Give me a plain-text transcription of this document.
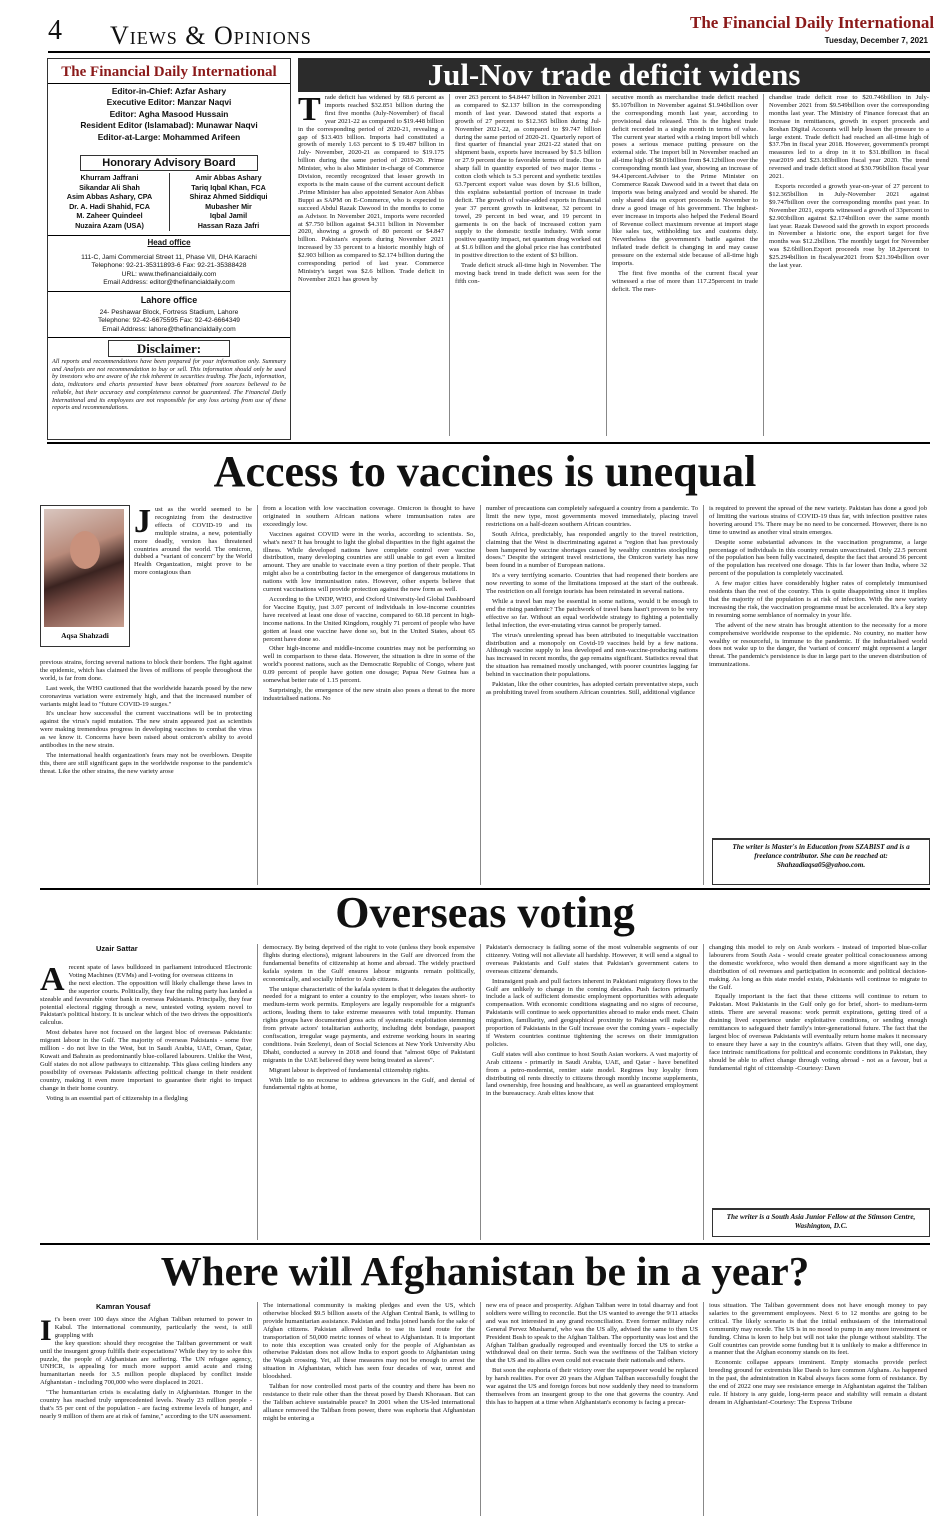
4 Views & Opinions	The Financial Daily International
Tuesday, December 7, 2021
The Financial Daily International
Editor-in-Chief: Azfar Ashary
Executive Editor: Manzar Naqvi
Editor: Agha Masood Hussain
Resident Editor (Islamabad): Munawar Naqvi
Editor-at-Large: Mohammed Arifeen
Honorary Advisory Board
Khurram Jaffrani
Sikandar Ali Shah
Asim Abbas Ashary, CPA
Dr. A. Hadi Shahid, FCA
M. Zaheer Quindeel
Nuzaira Azam (USA)
Amir Abbas Ashary
Tariq Iqbal Khan, FCA
Shiraz Ahmed Siddiqui
Mubasher Mir
Iqbal Jamil
Hassan Raza Jafri
Head office
111-C, Jami Commercial Street 11, Phase VII, DHA Karachi
Telephone: 92-21-35311893-6 Fax: 92-21-35388428
URL: www.thefinancialdaily.com
Email Address: editor@thefinancialdaily.com
Lahore office
24- Peshawar Block, Fortress Stadium, Lahore
Telephone: 92-42-6675595 Fax: 92-42-6664349
Email Address: lahore@thefinancialdaily.com
Disclaimer:
All reports and recommendations have been prepared for your information only. Summary and Analysis are not recommendation to buy or sell. This information should only be used by investors who are aware of the risk inherent in securities trading. The facts, information, data, indicators and charts presented have been obtained from sources believed to be reliable, but their accuracy and completeness cannot be guaranteed. The Financial Daily International and its employees are not responsible for any loss arising from use of these reports and recommendations.
Jul-Nov trade deficit widens
Trade deficit has widened by 68.6 percent as imports reached $32.851 billion during the first five months (July-November) of fiscal year 2021-22 as compared to $19.448 billion in the corresponding period of 2020-21, revealing a gap of $13.403 billion. Imports had constituted a growth of merely 1.63 percent to $ 19.487 billion in July- November, 2020-21 as compared to $19.175 billion during the same period of 2019-20. Prime Minister, who is also Minister in-charge of Commerce Division, recently recognized that lesser growth in exports is the main cause of the current account deficit .Prime Minister has also appointed Senator Aon Abbas Buppi as SAPM on E-Commerce, who is expected to succeed Abdul Razak Dawood in the months to come as Advisor. In November 2021, imports were recorded at $7.750 billion against $4.311 billion in November 2020, showing a growth of 80 percent or $4.847 billion. Pakistan's exports during November 2021 increased by 33 percent to a historic monthly high of $2.903 billion as compared to $2.174 billion during the corresponding period of last year. Commerce Ministry's target was $2.6 billion. Trade deficit in November 2021 has grown by

over 263 percent to $4.8447 billion in November 2021 as compared to $2.137 billion in the corresponding month of last year. Dawood stated that exports a growth of 27 percent to $12.365 billion during Jul-November 2021-22, as compared to $9.747 billion during the same period of 2020-21. Quarterly report of first quarter of financial year 2021-22 stated that on shipment basis, exports have increased by $1.5 billion or 27.9 percent due to favorable terms of trade. Due to sharp fall in quantity exported of two major items - cotton cloth which is 5.3 percent and synthetic textiles 63.7percent export value was down by $1.6 billion, this explains substantial portion of increase in trade deficit. The growth of value-added exports in financial year 37 percent growth in knitwear, 32 percent in towel, 29 percent in bed wear, and 19 percent in garments is on the back of increased cotton yarn supply to the domestic textile industry. With some positive quantity impact, net quantum drag worked out at $1.6 billion and the global price rise has contributed in positive direction to the extent of $3 billion.

Trade deficit struck all-time high in November. The moving back trend in trade deficit was seen for the fifth con-

secutive month as merchandise trade deficit reached $5.107billion in November against $1.946billion over the corresponding month last year, according to provisional data released. This is the highest trade deficit recorded in a single month in terms of value. The current year started with a rising import bill which poses a serious menace putting pressure on the external side. The import bill in November reached an all-time high of $8.01billion from $4.12billion over the corresponding month last year, showing an increase of 94.41percent.Adviser to the Prime Minister on Commerce Razak Dawood said in a tweet that data on imports was being analyzed and would be shared. He only shared data on export proceeds in November to draw a good image of his government. The highest-ever increase in imports also helped the Federal Board of Revenue collect maximum revenue at import stage like sales tax, withholding tax and customs duty. Nevertheless the government's battle against the inflated trade deficit is changing in and may cause pressure on the external side because of all-time high imports.

The first five months of the current fiscal year witnessed a rise of more than 117.25percent in trade deficit. The mer-

chandise trade deficit rose to $20.746billion in July-November 2021 from $9.549billion over the corresponding months last year. The Ministry of Finance forecast that an increase in remittances, growth in export proceeds and Roshan Digital Accounts will help lessen the pressure to a large extent. Trade deficit had reached an all-time high of $37.7bn in fiscal year 2018. However, government's prompt measures led to a drop in it to $31.8billion in fiscal year2019 and $23.183billion fiscal year 2020. The trend reversed and trade deficit stood at $30.796billion fiscal year 2021.

Exports recorded a growth year-on-year of 27 percent to $12.365billion in July-November 2021 against $9.747billion over the corresponding months past year. In November 2021, exports witnessed a growth of 33percent to $2.903billion against $2.174billion over the same month last year. Razak Dawood said the growth in export proceeds in November a historic one, the export target for five months was $12.2billion. The monthly target for November was $2.6billion.Export proceeds rose by 18.2percent to $25.294billion in fiscalyear2021 from $21.394billion over the last year.

Access to vaccines is unequal
Aqsa Shahzadi
Just as the world seemed to be recognizing from the destructive effects of COVID-19 and its multiple strains, a new, potentially more deadly, version has threatened countries around the world. The omicron, dubbed a "variant of concern" by the World Health Organization, might prove to be more contagious than

previous strains, forcing several nations to block their borders. The fight against the epidemic, which has claimed the lives of millions of people throughout the world, is far from done.

Last week, the WHO cautioned that the worldwide hazards posed by the new coronavirus variation were extremely high, and that the increased number of variants might lead to "future COVID-19 surges."

It's unclear how successful the current vaccinations will be in protecting against the virus's rapid mutation. The new strain appeared just as scientists were making tremendous progress in developing vaccines to combat the virus as we know it. Concerns have been raised about omicron's ability to avoid antibodies in the new strain.

The international health organization's fears may not be overblown. Despite this, there are still significant gaps in the worldwide response to the pandemic's threat. Like the other strains, the new variety arose

from a location with low vaccination coverage. Omicron is thought to have originated in southern African nations where immunisation rates are exceedingly low.

Vaccines against COVID were in the works, according to scientists. So, what's next? It has brought to light the global disparities in the fight against the illness. While developed nations have complete control over vaccine distribution, many developing countries are still unable to get even a limited amount. They are unable to vaccinate even a tiny portion of their people. That might also be a contributing factor in the emergence of dangerous mutations in nations with low immunisation rates. However, other experts believe that current vaccinations will provide protection against the new form as well.

According to the UNDP, WHO, and Oxford University-led Global Dashboard for Vaccine Equity, just 3.07 percent of individuals in low-income countries have received at least one dose of vaccine, compared to 60.18 percent in high-income nations. In the United Kingdom, roughly 71 percent of people who have gotten at least one vaccine have done so, but in the United States, about 65 percent have done so.

Other high-income and middle-income countries may not be performing so well in comparison to these data. However, the situation is dire in some of the world's poorest nations, such as the Democratic Republic of Congo, where just 0.09 percent of people have gotten one dosage; Papua New Guinea has a somewhat better rate of 1.15 percent.

Surprisingly, the emergence of the new strain also poses a threat to the more industrialised nations. No

number of precautions can completely safeguard a country from a pandemic. To limit the new type, most governments moved immediately, placing travel restrictions on a half-dozen southern African countries.

South Africa, predictably, has responded angrily to the travel restriction, claiming that the West is discriminating against a "region that has previously been hampered by vaccine shortages caused by wealthy countries stockpiling doses." Despite the stringent travel restrictions, the Omicron variety has now been found in a number of European nations.

It's a very terrifying scenario. Countries that had reopened their borders are now reverting to some of the limitations imposed at the start of the outbreak. The restriction on all foreign tourists has been reinstated in several nations.

While a travel ban may be essential in some nations, would it be enough to end the rising pandemic? The patchwork of travel bans hasn't proven to be very effective so far. Without an equal worldwide strategy to fighting a potentially lethal infection, the ever-mutating virus cannot be properly tamed.

The virus's unrelenting spread has been attributed to inequitable vaccination distribution and a monopoly on Covid-19 vaccines held by a few nations. Although vaccine supply to less developed and non-vaccine-producing nations has increased in recent months, the gap remains significant. Statistics reveal that the situation has remained mostly unchanged, with poorer countries lagging far behind in vaccination their populations.

Pakistan, like the other countries, has adopted certain preventative steps, such as prohibiting travel from southern African countries. Still, additional vigilance

is required to prevent the spread of the new variety. Pakistan has done a good job of limiting the various strains of COVID-19 thus far, with infection positive rates hovering around 1%. There may be no need to be concerned. However, there is no time to unwind as another viral strain emerges.

Despite some substantial advances in the vaccination programme, a large percentage of individuals in this country remain unvaccinated. Only 22.5 percent of the population has been fully vaccinated, despite the fact that around 36 percent of the population has received one dosage. This is far lower than India, where 32 percent of the population is completely vaccinated.

A few major cities have considerably higher rates of completely immunised residents than the rest of the country. This is quite disappointing since it implies that the majority of the population is at risk of infection. With the new variety increasing the risk, the vaccination programme must be accelerated. It's a key step in resuming some semblance of normalcy in your life.

The advent of the new strain has brought attention to the necessity for a more comprehensive worldwide response to the epidemic. No country, no matter how wealthy or resourceful, is immune to the pandemic. If the industrialised world does not wake up to the danger, the 'variant of concern' might represent a larger threat. The pandemic's persistence is due in large part to the uneven distribution of immunizations.

The writer is Master's in Education from SZABIST and is a freelance contributor. She can be reached at: Shahzadiaqsa05@yahoo.com.
Overseas voting
Uzair Sattar

Arecent spate of laws bulldozed in parliament introduced Electronic Voting Machines (EVMs) and I-voting for overseas citizens in

the next election. The opposition will likely challenge these laws in the superior courts. Politically, they fear the ruling party has landed a sizeable and favourable voter bank in overseas Pakistanis. Principally, they fear potential electoral rigging through a new, untested voting system novel to Pakistan's political history. It is unclear which of the two drives the opposition's calculus.

Most debates have not focused on the largest bloc of overseas Pakistanis: migrant labour in the Gulf. The majority of overseas Pakistanis - some five million - do not live in the West, but in Saudi Arabia, UAE, Oman, Qatar, Kuwait and Bahrain as predominantly blue-collared labourers. Unlike the West, Gulf states do not allow pathways to citizenship. This glass ceiling hinders any possibility of overseas Pakistanis affecting political change in their resident country, making it even more important to guarantee their right to impact change in their home country.

Voting is an essential part of citizenship in a fledgling

democracy. By being deprived of the right to vote (unless they book expensive flights during elections), migrant labourers in the Gulf are divorced from the fundamental benefits of citizenship at home and abroad. The widely practised kafala system in the Gulf ensures labour migrants remain politically, economically, and socially inferior to Arab citizens.

The unique characteristic of the kafala system is that it delegates the authority needed for a migrant to enter a country to the employer, who issues short- to medium-term work permits. Employers are legally responsible for a migrant's actions, leading them to take extreme measures with total impunity. Human rights groups have documented gross acts of systematic exploitation stemming from private actors' totalitarian authority, including debt bondage, passport confiscation, irregular wage payments, and extreme working hours in searing conditions. Iván Szelenyi, dean of Social Sciences at New York University Abu Dhabi, conducted a survey in 2018 and found that "almost 60pc of Pakistani migrants in the UAE believed they were being treated as slaves".

Migrant labour is deprived of fundamental citizenship rights.

With little to no recourse to address grievances in the Gulf, and denial of fundamental rights at home,

Pakistan's democracy is failing some of the most vulnerable segments of our citizenry. Voting will not alleviate all hardship. However, it will send a signal to overseas Pakistanis and Gulf states that Pakistan's government caters to overseas citizens' demands.

Intransigent push and pull factors inherent in Pakistani migratory flows to the Gulf are unlikely to change in the coming decades. Push factors primarily include a lack of sufficient domestic employment opportunities with adequate compensation. With economic conditions stagnating and no signs of recourse, Pakistanis will continue to seek opportunities abroad to make ends meet. Chain migration, familiarity, and geographical proximity to Pakistan will make the proportion of Pakistanis in the Gulf increase over the coming years - especially if Western countries continue tightening the screws on their immigration policies.

Gulf states will also continue to host South Asian workers. A vast majority of Arab citizens - primarily in Saudi Arabia, UAE, and Qatar - have benefited from a petro-modernist, rentier state model. Regimes buy loyalty from distributing oil rents directly to citizens through monthly income supplements, land ownership, free housing and healthcare, as well as guaranteed employment in the bureaucracy. Arab elites know that

changing this model to rely on Arab workers - instead of imported blue-collar labourers from South Asia - would create greater political consciousness among the domestic workforce, who would then demand a more significant say in the distribution of oil revenues and participation in economic and political decision-making. As long as this state model exists, Pakistanis will continue to migrate to the Gulf.

Equally important is the fact that these citizens will continue to return to Pakistan. Most Pakistanis in the Gulf only go for brief, short- to medium-term stints. There are several reasons: work permit expirations, getting tired of a draining lived experience under exploitative conditions, or sending enough remittances to safeguard their family's inter-generational future. The fact that the largest bloc of overseas Pakistanis will eventually return home makes it necessary to ensure they have a say in the country's affairs. Given that they will, one day, face intrinsic ramifications for political and economic conditions in Pakistan, they should be able to affect change through voting abroad - not as a favour, but a fundamental right of citizenship -Courtesy: Dawn

The writer is a South Asia Junior Fellow at the Stimson Centre, Washington, D.C.
Where will Afghanistan be in a year?
Kamran Yousaf

It's been over 100 days since the Afghan Taliban returned to power in Kabul. The international community, particularly the west, is still grappling with

the key question: should they recognise the Taliban government or wait until the insurgent group fulfills their expectations? While they try to solve this puzzle, the people of Afghanistan are suffering. The UN refugee agency, UNHCR, is appealing for much more support amid acute and rising humanitarian needs for 3.5 million people displaced by conflict inside Afghanistan - including 700,000 who were displaced in 2021.

"The humanitarian crisis is escalating daily in Afghanistan. Hunger in the country has reached truly unprecedented levels. Nearly 23 million people - that's 55 per cent of the population - are facing extreme levels of hunger, and nearly 9 million of them are at risk of famine," according to the UN assessment.

The international community is making pledges and even the US, which otherwise blocked $9.5 billion assets of the Afghan Central Bank, is willing to provide humanitarian assistance. Pakistan and India joined hands for the sake of Afghan citizens. Pakistan allowed India to use its land route for the transportation of 50,000 metric tonnes of wheat to Afghanistan. It is important to note this exception was created only for the people of Afghanistan as otherwise Pakistan does not allow India to export goods to Afghanistan using the Wagah crossing. Yet, all these measures may not be enough to arrest the situation in Afghanistan, which has seen four decades of war, unrest and bloodshed.

Taliban for now controlled most parts of the country and there has been no resistance to their rule other than the threat posed by Daesh Khorasan. But can the Taliban achieve sustainable peace? In 2001 when the US-led international alliance removed the Taliban from power, there was euphoria that Afghanistan might be entering a

new era of peace and prosperity. Afghan Taliban were in total disarray and foot soldiers were willing to reconcile. But the US wanted to avenge the 9/11 attacks and was not interested in any grand reconciliation. Even former military ruler General Pervez Musharraf, who was the US ally, advised the same to then US President Bush to speak to the Afghan Taliban. The opportunity was lost and the Afghan Taliban gradually regrouped and eventually forced the US to strike a withdrawal deal on their terms. Such was the swiftness of the Taliban victory that the US and its allies even could not evacuate their nationals and others.

But soon the euphoria of their victory over the superpower would be replaced by harsh realities. For over 20 years the Afghan Taliban successfully fought the war against the US and foreign forces but now suddenly they need to transform themselves from an insurgent group to the one that governs the country. And this has to happen at a time when Afghanistan's economy is facing a precar-

ious situation. The Taliban government does not have enough money to pay salaries to the government employees. Next 6 to 12 months are going to be critical. The likely scenario is that the initial enthusiasm of the international community may recede. The US is in no mood to pump in any more investment or funding. China is keen to help but will not take the plunge without stability. The Gulf countries can provide some funding but it is unlikely to make a difference in a manner that the Afghan economy stands on its feet.

Economic collapse appears imminent. Empty stomachs provide perfect breeding ground for extremists like Daesh to lure common Afghans. As happened in the past, the administration in Kabul always faces some form of resistance. By the end of 2022 one may see resistance emerge in Afghanistan against the Taliban rule. If history is any guide, long-term peace and stability will remain a distant dream in Afghanistan!-Courtesy: The Express Tribune
